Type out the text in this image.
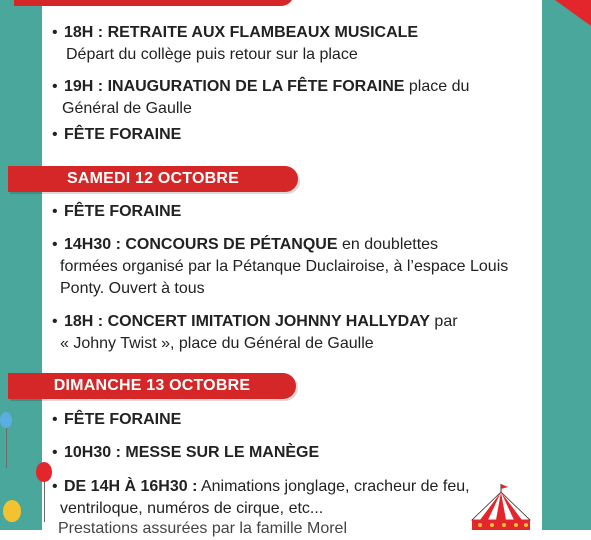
• 18H : RETRAITE AUX FLAMBEAUX MUSICALE
Départ du collège puis retour sur la place
• 19H : INAUGURATION DE LA FÊTE FORAINE place du
Général de Gaulle
• FÊTE FORAINE
SAMEDI 12 OCTOBRE
• FÊTE FORAINE
• 14H30 : CONCOURS DE PÉTANQUE en doublettes
formées organisé par la Pétanque Duclairoise, à l’espace Louis
Ponty. Ouvert à tous
• 18H : CONCERT IMITATION JOHNNY HALLYDAY par
« Johny Twist », place du Général de Gaulle
DIMANCHE 13 OCTOBRE
• FÊTE FORAINE
• 10H30 : MESSE SUR LE MANÈGE
• DE 14H À 16H30 : Animations jonglage, cracheur de feu,
ventriloque, numéros de cirque, etc...
Prestations assurées par la famille Morel
